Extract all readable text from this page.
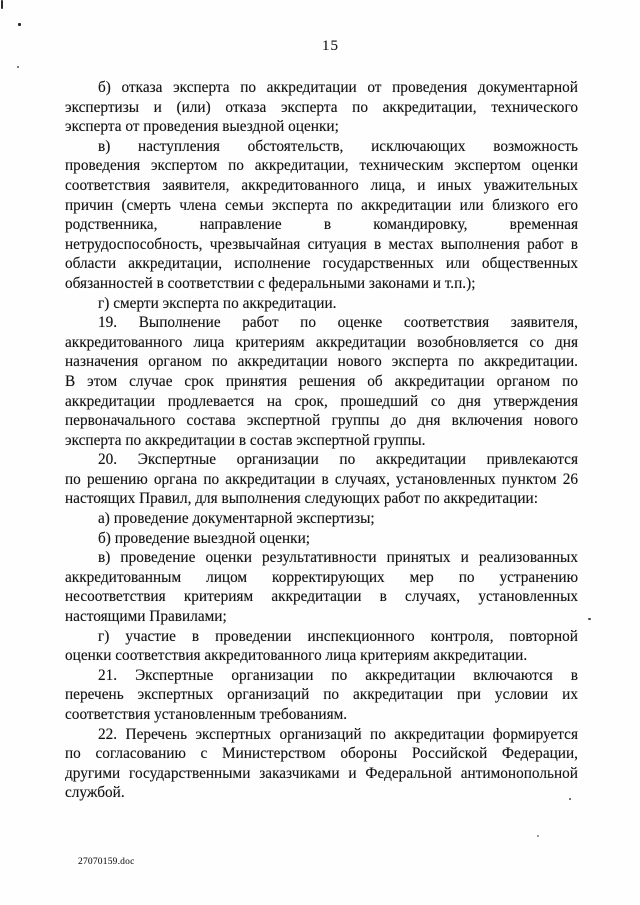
15
б) отказа эксперта по аккредитации от проведения документарной
экспертизы и (или) отказа эксперта по аккредитации, технического
эксперта от проведения выездной оценки;
в) наступления обстоятельств, исключающих возможность
проведения экспертом по аккредитации, техническим экспертом оценки
соответствия заявителя, аккредитованного лица, и иных уважительных
причин (смерть члена семьи эксперта по аккредитации или близкого его
родственника, направление в командировку, временная
нетрудоспособность, чрезвычайная ситуация в местах выполнения работ в
области аккредитации, исполнение государственных или общественных
обязанностей в соответствии с федеральными законами и т.п.);
г) смерти эксперта по аккредитации.
19. Выполнение работ по оценке соответствия заявителя,
аккредитованного лица критериям аккредитации возобновляется со дня
назначения органом по аккредитации нового эксперта по аккредитации.
В этом случае срок принятия решения об аккредитации органом по
аккредитации продлевается на срок, прошедший со дня утверждения
первоначального состава экспертной группы до дня включения нового
эксперта по аккредитации в состав экспертной группы.
20. Экспертные организации по аккредитации привлекаются
по решению органа по аккредитации в случаях, установленных пунктом 26
настоящих Правил, для выполнения следующих работ по аккредитации:
а) проведение документарной экспертизы;
б) проведение выездной оценки;
в) проведение оценки результативности принятых и реализованных
аккредитованным лицом корректирующих мер по устранению
несоответствия критериям аккредитации в случаях, установленных
настоящими Правилами;
г) участие в проведении инспекционного контроля, повторной
оценки соответствия аккредитованного лица критериям аккредитации.
21. Экспертные организации по аккредитации включаются в
перечень экспертных организаций по аккредитации при условии их
соответствия установленным требованиям.
22. Перечень экспертных организаций по аккредитации формируется
по согласованию с Министерством обороны Российской Федерации,
другими государственными заказчиками и Федеральной антимонопольной
службой.
27070159.doc
